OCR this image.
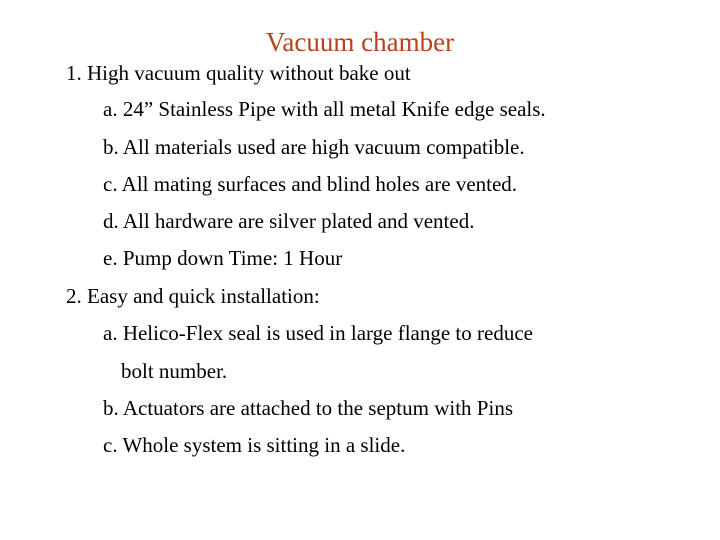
Vacuum chamber
1. High vacuum quality without bake out
a. 24” Stainless Pipe with all metal Knife edge seals.
b. All materials used are high vacuum compatible.
c. All mating surfaces and blind holes are vented.
d. All hardware are silver plated and vented.
e. Pump down Time: 1 Hour
2. Easy and quick installation:
a. Helico-Flex seal is used in large flange to reduce
bolt number.
b. Actuators are attached to the septum with Pins
c. Whole system is sitting in a slide.
